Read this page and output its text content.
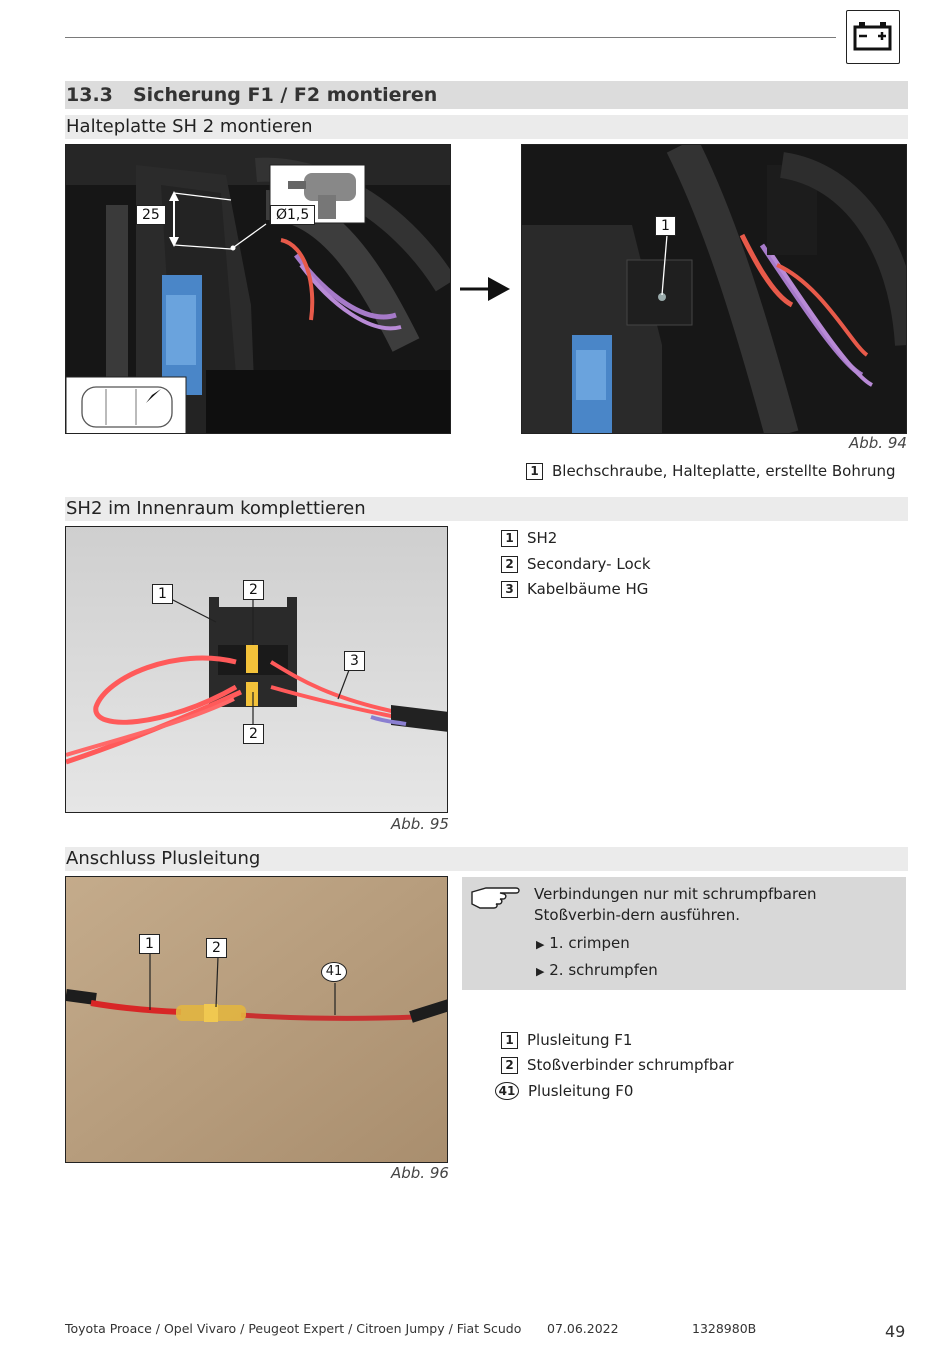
13.3 Sicherung F1 / F2 montieren
Halteplatte SH 2 montieren
25	Ø1,5
1
Abb. 94
1 Blechschraube, Halteplatte, erstellte Bohrung
SH2 im Innenraum komplettieren
1	2
3
2
Abb. 95
1 SH2
2 Secondary- Lock
3 Kabelbäume HG
Anschluss Plusleitung
1	2
41
Abb. 96
Verbindungen nur mit schrumpfbaren Stoßverbin-dern ausführen.
▶ 1. crimpen
▶ 2. schrumpfen
1 Plusleitung F1
2 Stoßverbinder schrumpfbar
41 Plusleitung F0
Toyota Proace / Opel Vivaro / Peugeot Expert / Citroen Jumpy / Fiat Scudo 07.06.2022	1328980B	49
